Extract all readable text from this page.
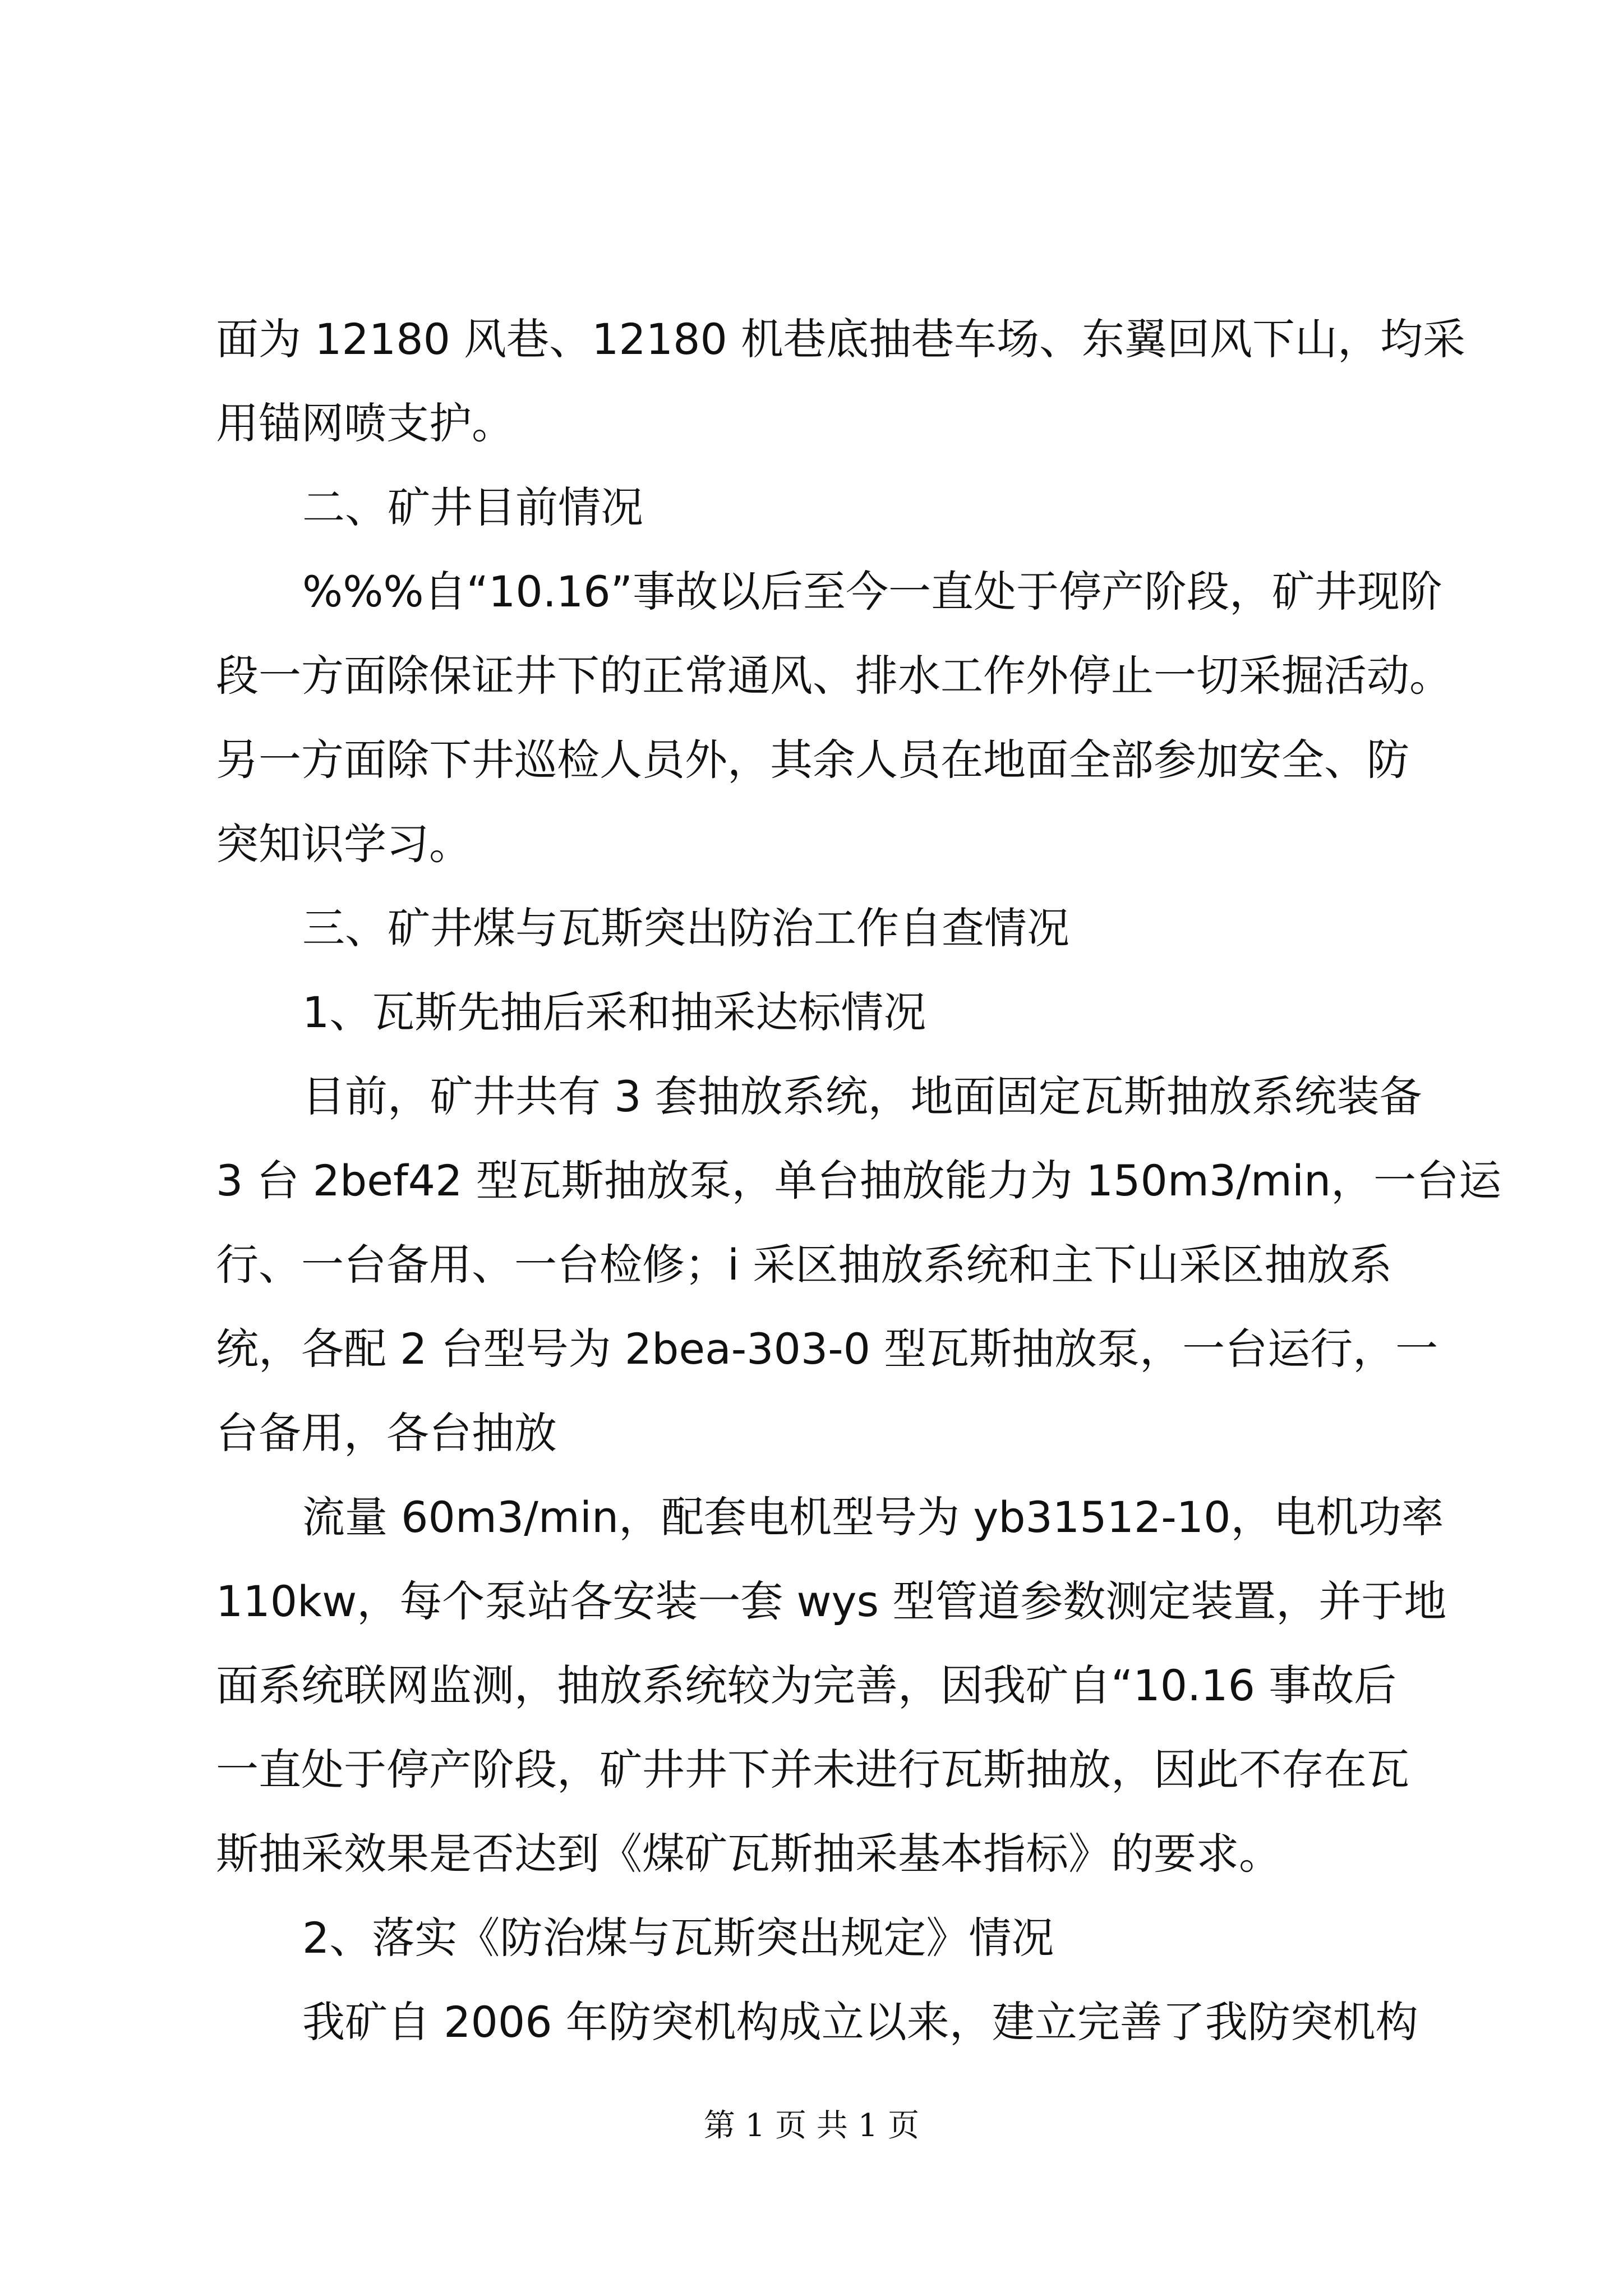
面为 12180 风巷、12180 机巷底抽巷车场、东翼回风下山，均采
用锚网喷支护。
二、矿井目前情况
%%%自“10.16”事故以后至今一直处于停产阶段，矿井现阶
段一方面除保证井下的正常通风、排水工作外停止一切采掘活动。
另一方面除下井巡检人员外，其余人员在地面全部参加安全、防
突知识学习。
三、矿井煤与瓦斯突出防治工作自查情况
1、瓦斯先抽后采和抽采达标情况
目前，矿井共有 3 套抽放系统，地面固定瓦斯抽放系统装备
3 台 2bef42 型瓦斯抽放泵，单台抽放能力为 150m3/min，一台运
行、一台备用、一台检修；i 采区抽放系统和主下山采区抽放系
统，各配 2 台型号为 2bea-303-0 型瓦斯抽放泵，一台运行，一
台备用，各台抽放
流量 60m3/min，配套电机型号为 yb31512-10，电机功率
110kw，每个泵站各安装一套 wys 型管道参数测定装置，并于地
面系统联网监测，抽放系统较为完善，因我矿自“10.16 事故后
一直处于停产阶段，矿井井下并未进行瓦斯抽放，因此不存在瓦
斯抽采效果是否达到《煤矿瓦斯抽采基本指标》的要求。
2、落实《防治煤与瓦斯突出规定》情况
我矿自 2006 年防突机构成立以来，建立完善了我防突机构
第 1 页 共 1 页
